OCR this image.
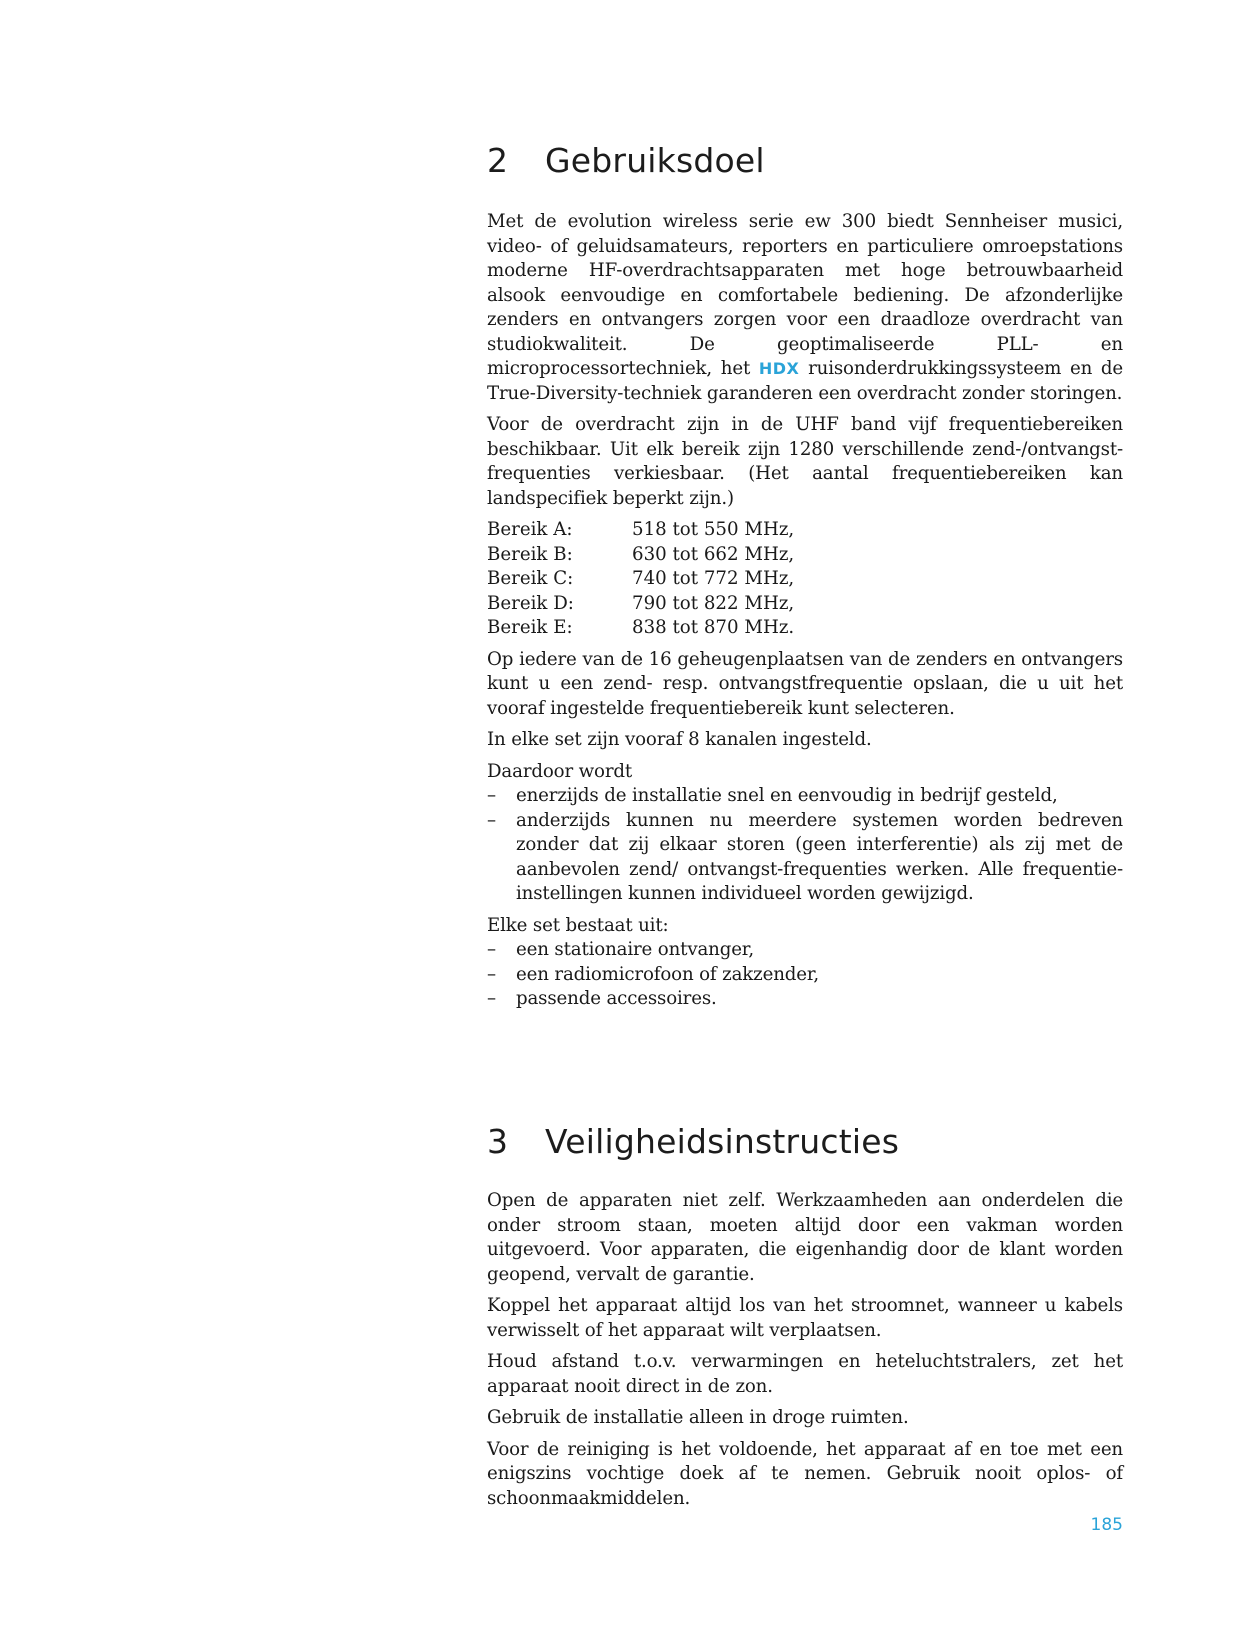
2	Gebruiksdoel

Met de evolution wireless serie ew 300 biedt Sennheiser musici, video- of geluidsamateurs, reporters en particuliere omroepstations moderne HF-overdrachtsapparaten met hoge betrouwbaarheid alsook eenvoudige en comfortabele bediening. De afzonderlijke zenders en ontvangers zorgen voor een draadloze overdracht van studiokwaliteit. De geoptimaliseerde PLL- en microprocessortechniek, het HDX ruisonderdrukkingssysteem en de True-Diversity-techniek garanderen een overdracht zonder storingen.

Voor de overdracht zijn in de UHF band vijf frequentiebereiken beschikbaar. Uit elk bereik zijn 1280 verschillende zend-/ontvangst-frequenties verkiesbaar. (Het aantal frequentiebereiken kan landspecifiek beperkt zijn.)

Bereik A:	518 tot 550 MHz,
Bereik B:	630 tot 662 MHz,
Bereik C:	740 tot 772 MHz,
Bereik D:	790 tot 822 MHz,
Bereik E:	838 tot 870 MHz.

Op iedere van de 16 geheugenplaatsen van de zenders en ontvangers kunt u een zend- resp. ontvangstfrequentie opslaan, die u uit het vooraf ingestelde frequentiebereik kunt selecteren.

In elke set zijn vooraf 8 kanalen ingesteld.

Daardoor wordt

– enerzijds de installatie snel en eenvoudig in bedrijf gesteld,
– anderzijds kunnen nu meerdere systemen worden bedreven zonder dat zij elkaar storen (geen interferentie) als zij met de aanbevolen zend/ ontvangst-frequenties werken. Alle frequentie-instellingen kunnen individueel worden gewijzigd.

Elke set bestaat uit:

– een stationaire ontvanger,
– een radiomicrofoon of zakzender,
– passende accessoires.
3	Veiligheidsinstructies

Open de apparaten niet zelf. Werkzaamheden aan onderdelen die onder stroom staan, moeten altijd door een vakman worden uitgevoerd. Voor apparaten, die eigenhandig door de klant worden geopend, vervalt de garantie.

Koppel het apparaat altijd los van het stroomnet, wanneer u kabels verwisselt of het apparaat wilt verplaatsen.

Houd afstand t.o.v. verwarmingen en heteluchtstralers, zet het apparaat nooit direct in de zon.

Gebruik de installatie alleen in droge ruimten.

Voor de reiniging is het voldoende, het apparaat af en toe met een enigszins vochtige doek af te nemen. Gebruik nooit oplos- of schoonmaakmiddelen.

185
